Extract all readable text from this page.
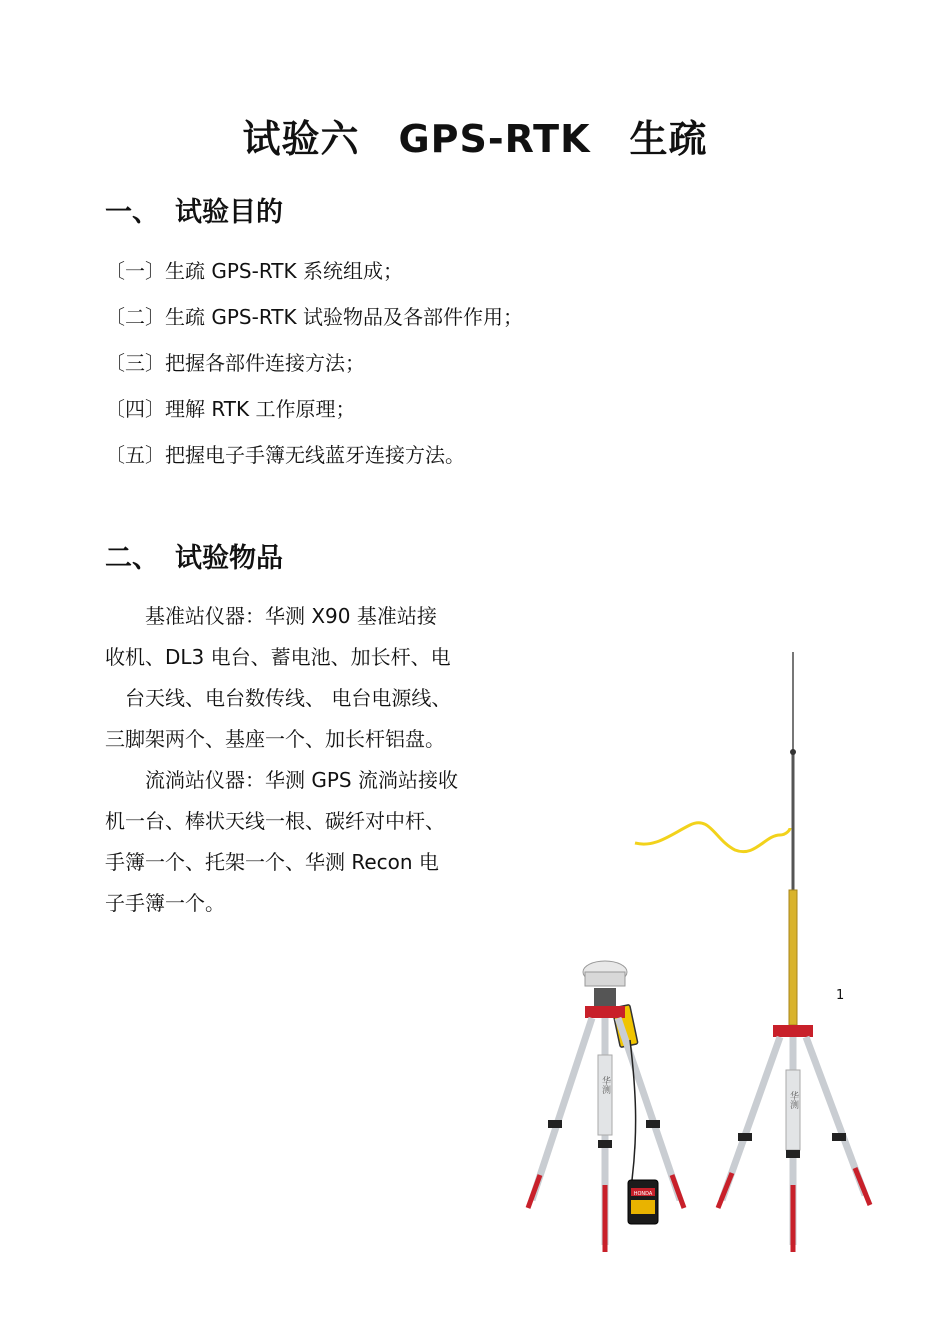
试验六　GPS-RTK　生疏
一、 试验目的
〔一〕生疏 GPS-RTK 系统组成；
〔二〕生疏 GPS-RTK 试验物品及各部件作用；
〔三〕把握各部件连接方法；
〔四〕理解 RTK 工作原理；
〔五〕把握电子手簿无线蓝牙连接方法。
二、 试验物品
　　基准站仪器：华测 X90 基准站接
收机、DL3 电台、蓄电池、加长杆、电
　台天线、电台数传线、 电台电源线、
三脚架两个、基座一个、加长杆铝盘。
　　流淌站仪器：华测 GPS 流淌站接收
机一台、棒状天线一根、碳纤对中杆、
手簿一个、托架一个、华测 Recon 电
子手簿一个。
1
华测
华测
HONDA
